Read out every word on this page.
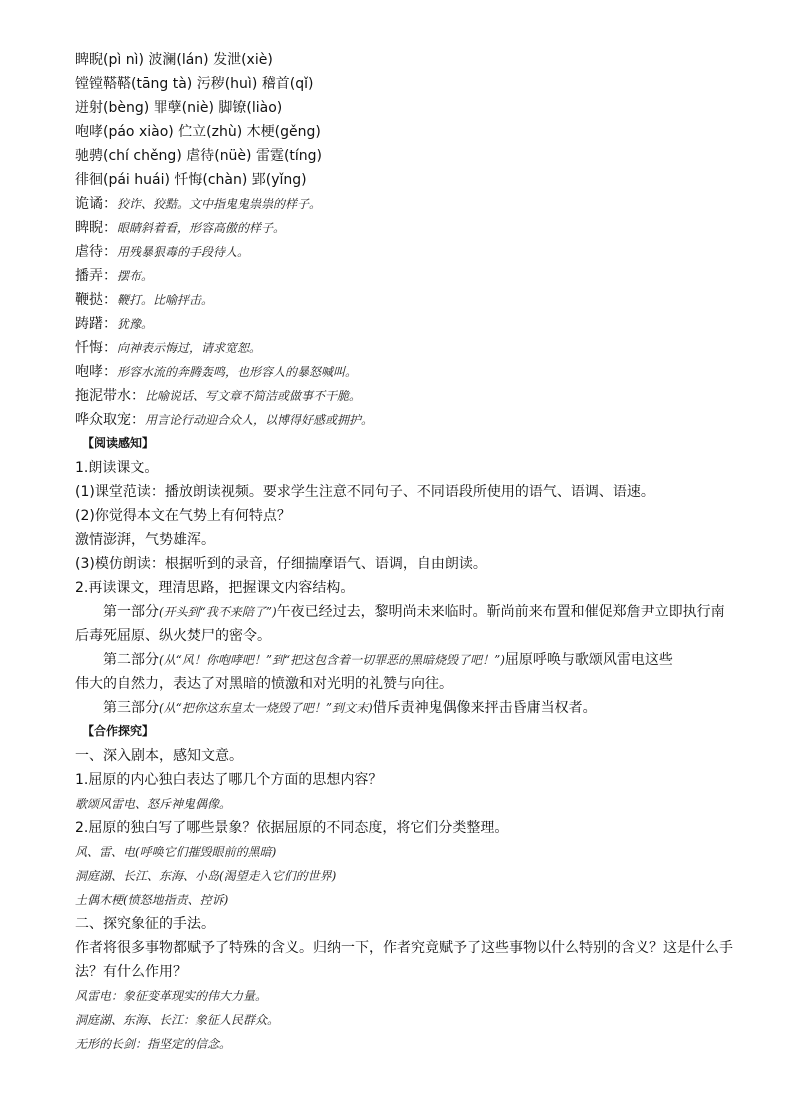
睥睨(pì nì) 波澜(lán) 发泄(xiè)
镗镗鞳鞳(tāng tà) 污秽(huì) 稽首(qǐ)
迸射(bèng) 罪孽(niè) 脚镣(liào)
咆哮(páo xiào) 伫立(zhù) 木梗(gěng)
驰骋(chí chěng) 虐待(nüè) 雷霆(tíng)
徘徊(pái huái) 忏悔(chàn) 郢(yǐng)
诡谲：狡诈、狡黠。文中指鬼鬼祟祟的样子。
睥睨：眼睛斜着看，形容高傲的样子。
虐待：用残暴狠毒的手段待人。
播弄：摆布。
鞭挞：鞭打。比喻抨击。
踌躇：犹豫。
忏悔：向神表示悔过，请求宽恕。
咆哮：形容水流的奔腾轰鸣，也形容人的暴怒喊叫。
拖泥带水：比喻说话、写文章不简洁或做事不干脆。
哗众取宠：用言论行动迎合众人，以博得好感或拥护。
【阅读感知】
1.朗读课文。
(1)课堂范读：播放朗读视频。要求学生注意不同句子、不同语段所使用的语气、语调、语速。
(2)你觉得本文在气势上有何特点？
激情澎湃，气势雄浑。
(3)模仿朗读：根据听到的录音，仔细揣摩语气、语调，自由朗读。
2.再读课文，理清思路，把握课文内容结构。
第一部分(开头到“我不来陪了”)午夜已经过去，黎明尚未来临时。靳尚前来布置和催促郑詹尹立即执行南
后毒死屈原、纵火焚尸的密令。
第二部分(从“风！你咆哮吧！”到“把这包含着一切罪恶的黑暗烧毁了吧！”)屈原呼唤与歌颂风雷电这些
伟大的自然力，表达了对黑暗的愤激和对光明的礼赞与向往。
第三部分(从“把你这东皇太一烧毁了吧！”到文末)借斥责神鬼偶像来抨击昏庸当权者。
【合作探究】
一、深入剧本，感知文意。
1.屈原的内心独白表达了哪几个方面的思想内容？
歌颂风雷电、怒斥神鬼偶像。
2.屈原的独白写了哪些景象？依据屈原的不同态度，将它们分类整理。
风、雷、电(呼唤它们摧毁眼前的黑暗)
洞庭湖、长江、东海、小岛(渴望走入它们的世界)
土偶木梗(愤怒地指责、控诉)
二、探究象征的手法。
作者将很多事物都赋予了特殊的含义。归纳一下，作者究竟赋予了这些事物以什么特别的含义？这是什么手
法？有什么作用？
风雷电：象征变革现实的伟大力量。
洞庭湖、东海、长江：象征人民群众。
无形的长剑：指坚定的信念。
